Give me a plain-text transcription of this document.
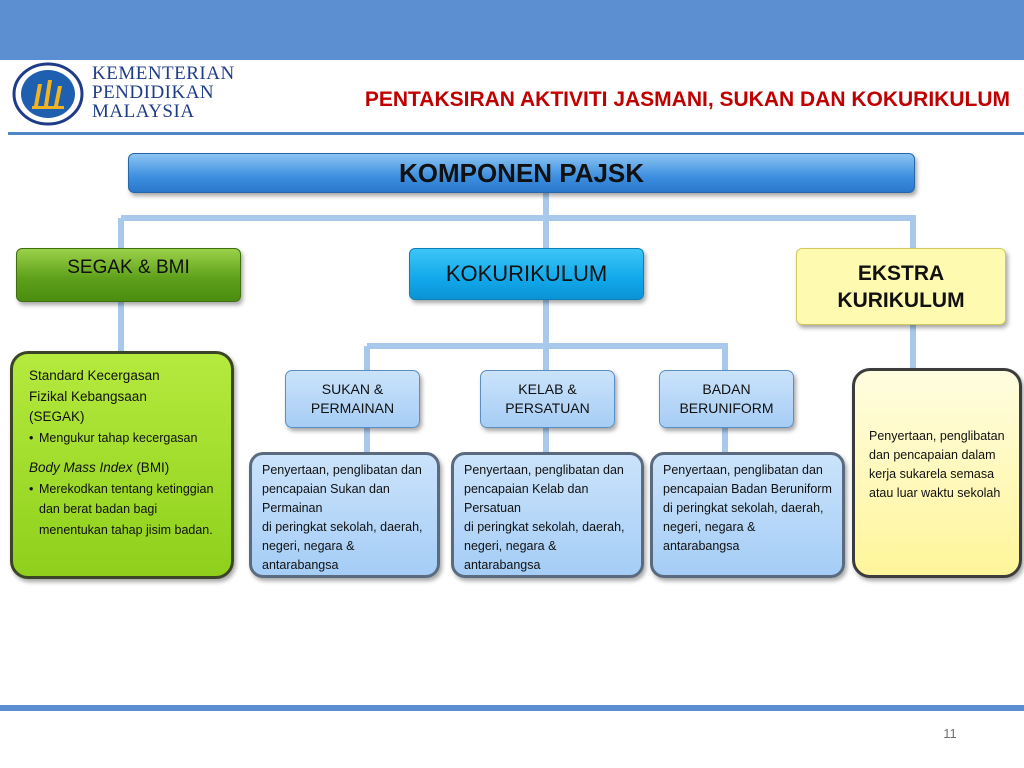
KEMENTERIAN
PENDIDIKAN
MALAYSIA
PENTAKSIRAN AKTIVITI JASMANI, SUKAN DAN KOKURIKULUM
KOMPONEN PAJSK
SEGAK & BMI	KOKURIKULUM	EKSTRA
KURIKULUM
SUKAN &
PERMAINAN
KELAB &
PERSATUAN
BADAN
BERUNIFORM
Penyertaan, penglibatan dan pencapaian Sukan dan Permainan
di peringkat sekolah, daerah, negeri, negara & antarabangsa
Penyertaan, penglibatan dan pencapaian Kelab dan Persatuan
di peringkat sekolah, daerah, negeri, negara & antarabangsa
Penyertaan, penglibatan dan pencapaian Badan Beruniform
di peringkat sekolah, daerah, negeri, negara & antarabangsa
Standard Kecergasan
Fizikal Kebangsaan
(SEGAK)
• Mengukur tahap kecergasan
Body Mass Index (BMI)
• Merekodkan tentang ketinggian dan berat badan bagi menentukan tahap jisim badan.
Penyertaan, penglibatan dan pencapaian dalam kerja sukarela semasa atau luar waktu sekolah
11
